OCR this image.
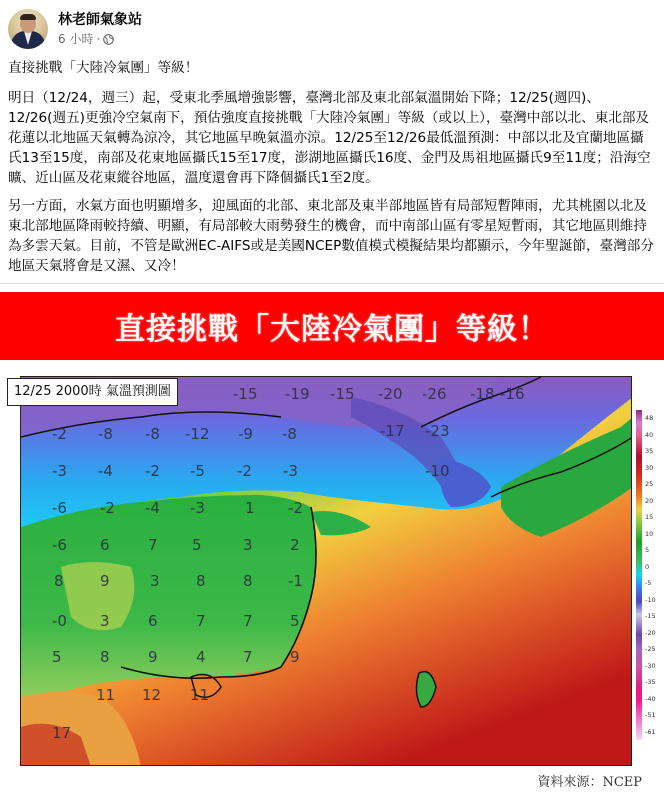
林老師氣象站
6 小時 ·

直接挑戰「大陸冷氣團」等級！

明日（12/24，週三）起，受東北季風增強影響，臺灣北部及東北部氣溫開始下降；12/25(週四)、12/26(週五)更強冷空氣南下，預估強度直接挑戰「大陸冷氣團」等級（或以上），臺灣中部以北、東北部及花蓮以北地區天氣轉為涼冷，其它地區早晚氣溫亦涼。12/25至12/26最低溫預測：中部以北及宜蘭地區攝氏13至15度，南部及花東地區攝氏15至17度，澎湖地區攝氏16度、金門及馬祖地區攝氏9至11度；沿海空曠、近山區及花東縱谷地區，溫度還會再下降個攝氏1至2度。

另一方面，水氣方面也明顯增多，迎風面的北部、東北部及東半部地區皆有局部短暫陣雨，尤其桃園以北及東北部地區降雨較持續、明顯，有局部較大雨勢發生的機會，而中南部山區有零星短暫雨，其它地區則維持為多雲天氣。目前，不管是歐洲EC-AIFS或是美國NCEP數值模式模擬結果均都顯示，今年聖誕節，臺灣部分地區天氣將會是又濕、又冷！

直接挑戰「大陸冷氣團」等級！
12/25 2000時 氣溫預測圖	-15 -19 -15 -20 -26 -18 -16
-2 -8 -8 -12 -9 -8	-17 -23
-3 -4 -2 -5 -2 -3	-10
-6 -2 -4 -3	1 -2
-6 6	7 5	3 2
8 9	3 8 8 -1
-0 3	6	7 7 5
5	8	9	4 7 9
11 12 11
17
48
40
35
30
25
20
15
10
5
0
-5
-10
-15
-20
-25
-30
-35
-40
-51
-61
資料來源：NCEP
